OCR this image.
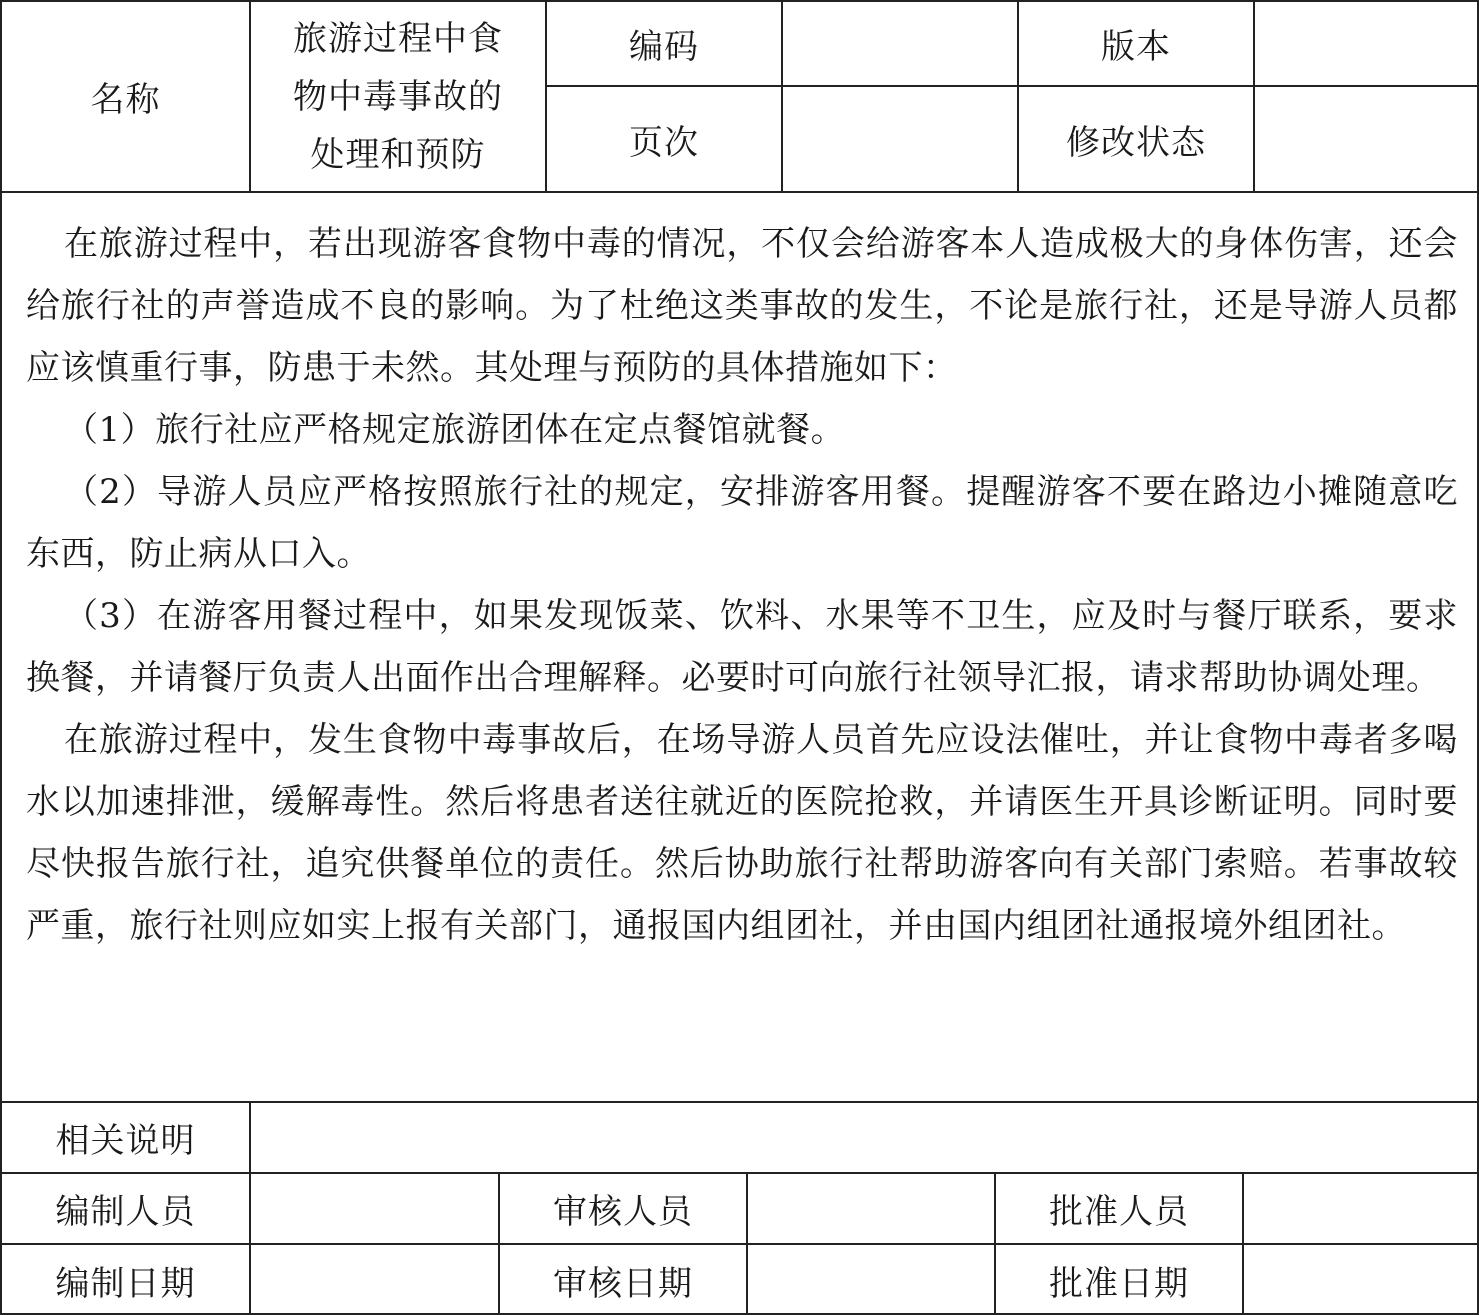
名称
旅游过程中食
物中毒事故的
处理和预防
编码	版本
页次	修改状态

在旅游过程中，若出现游客食物中毒的情况，不仅会给游客本人造成极大的身体伤害，还会给旅行社的声誉造成不良的影响。为了杜绝这类事故的发生，不论是旅行社，还是导游人员都应该慎重行事，防患于未然。其处理与预防的具体措施如下：

（1）旅行社应严格规定旅游团体在定点餐馆就餐。

（2）导游人员应严格按照旅行社的规定，安排游客用餐。提醒游客不要在路边小摊随意吃东西，防止病从口入。

（3）在游客用餐过程中，如果发现饭菜、饮料、水果等不卫生，应及时与餐厅联系，要求换餐，并请餐厅负责人出面作出合理解释。必要时可向旅行社领导汇报，请求帮助协调处理。

在旅游过程中，发生食物中毒事故后，在场导游人员首先应设法催吐，并让食物中毒者多喝水以加速排泄，缓解毒性。然后将患者送往就近的医院抢救，并请医生开具诊断证明。同时要尽快报告旅行社，追究供餐单位的责任。然后协助旅行社帮助游客向有关部门索赔。若事故较严重，旅行社则应如实上报有关部门，通报国内组团社，并由国内组团社通报境外组团社。

相关说明
编制人员	审核人员	批准人员
编制日期	审核日期	批准日期
